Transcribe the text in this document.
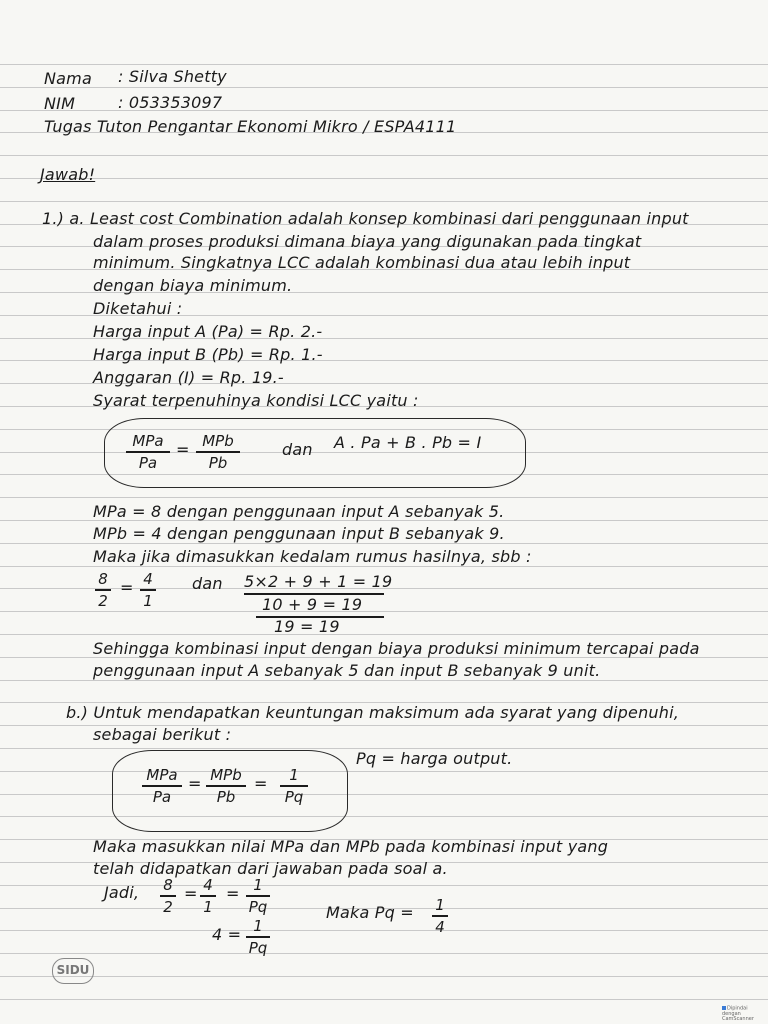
Nama : Silva Shetty
NIM	: 053353097
Tugas Tuton Pengantar Ekonomi Mikro / ESPA4111
Jawab!
1.) a. Least cost Combination adalah konsep kombinasi dari penggunaan input
dalam proses produksi dimana biaya yang digunakan pada tingkat
minimum. Singkatnya LCC adalah kombinasi dua atau lebih input
dengan biaya minimum.
Diketahui :
Harga input A (Pa) = Rp. 2.-
Harga input B (Pb) = Rp. 1.-
Anggaran (I) = Rp. 19.-
Syarat terpenuhinya kondisi LCC yaitu :
MPa
Pa
= MPb
Pb
dan A . Pa + B . Pb = I
MPa = 8 dengan penggunaan input A sebanyak 5.
MPb = 4 dengan penggunaan input B sebanyak 9.
Maka jika dimasukkan kedalam rumus hasilnya, sbb :
8
2
= 4
1
dan 5×2 + 9 + 1 = 19
10 + 9 = 19
19 = 19
Sehingga kombinasi input dengan biaya produksi minimum tercapai pada
penggunaan input A sebanyak 5 dan input B sebanyak 9 unit.
b.) Untuk mendapatkan keuntungan maksimum ada syarat yang dipenuhi,
sebagai berikut :
Pq = harga output.
MPa
Pa
= MPb
Pb
=	1
Pq
Maka masukkan nilai MPa dan MPb pada kombinasi input yang
telah didapatkan dari jawaban pada soal a.
Jadi, 8
2
= 4
1
= 1
Pq
4 = 1
Pq
Maka Pq = 1
4
SIDU
Dipindai dengan CamScanner
